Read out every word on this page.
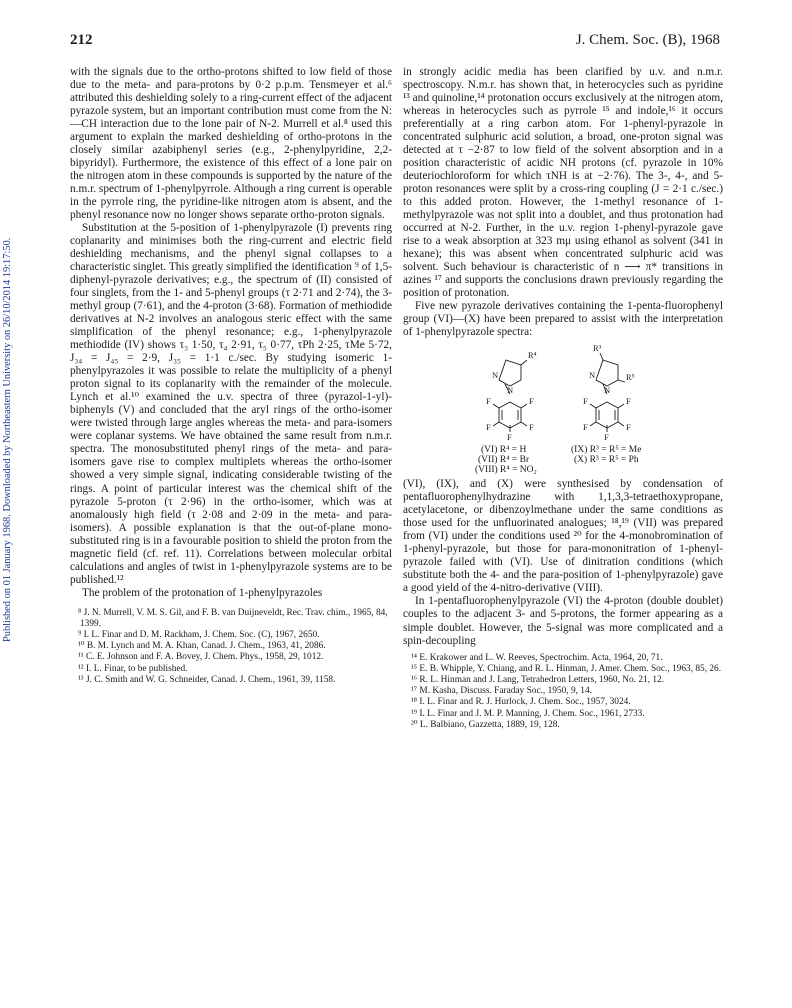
212	J. Chem. Soc. (B), 1968
Published on 01 January 1968. Downloaded by Northeastern University on 26/10/2014 19:17:50.

with the signals due to the ortho-protons shifted to low field of those due to the meta- and para-protons by 0·2 p.p.m. Tensmeyer et al.⁶ attributed this deshielding solely to a ring-current effect of the adjacent pyrazole system, but an important contribution must come from the N:—CH interaction due to the lone pair of N-2. Murrell et al.⁸ used this argument to explain the marked deshielding of ortho-protons in the closely similar azabiphenyl series (e.g., 2-phenylpyridine, 2,2-bipyridyl). Furthermore, the existence of this effect of a lone pair on the nitrogen atom in these compounds is supported by the nature of the n.m.r. spectrum of 1-phenylpyrrole. Although a ring current is operable in the pyrrole ring, the pyridine-like nitrogen atom is absent, and the phenyl resonance now no longer shows separate ortho-proton signals.

Substitution at the 5-position of 1-phenylpyrazole (I) prevents ring coplanarity and minimises both the ring-current and electric field deshielding mechanisms, and the phenyl signal collapses to a characteristic singlet. This greatly simplified the identification ⁹ of 1,5-diphenyl-pyrazole derivatives; e.g., the spectrum of (II) consisted of four singlets, from the 1- and 5-phenyl groups (τ 2·71 and 2·74), the 3-methyl group (7·61), and the 4-proton (3·68). Formation of methiodide derivatives at N-2 involves an analogous steric effect with the same simplification of the phenyl resonance; e.g., 1-phenylpyrazole methiodide (IV) shows τ₃ 1·50, τ₄ 2·91, τ₅ 0·77, τPh 2·25, τMe 5·72, J₃₄ = J₄₅ = 2·9, J₃₅ = 1·1 c./sec. By studying isomeric 1-phenylpyrazoles it was possible to relate the multiplicity of a phenyl proton signal to its coplanarity with the remainder of the molecule. Lynch et al.¹⁰ examined the u.v. spectra of three (pyrazol-1-yl)-biphenyls (V) and concluded that the aryl rings of the ortho-isomer were twisted through large angles whereas the meta- and para-isomers were coplanar systems. We have obtained the same result from n.m.r. spectra. The monosubstituted phenyl rings of the meta- and para-isomers gave rise to complex multiplets whereas the ortho-isomer showed a very simple signal, indicating considerable twisting of the rings. A point of particular interest was the chemical shift of the pyrazole 5-proton (τ 2·96) in the ortho-isomer, which was at anomalously high field (τ 2·08 and 2·09 in the meta- and para-isomers). A possible explanation is that the out-of-plane mono-substituted ring is in a favourable position to shield the proton from the magnetic field (cf. ref. 11). Correlations between molecular orbital calculations and angles of twist in 1-phenylpyrazole systems are to be published.¹²

The problem of the protonation of 1-phenylpyrazoles

⁸ J. N. Murrell, V. M. S. Gil, and F. B. van Duijneveldt, Rec. Trav. chim., 1965, 84, 1399.

⁹ I. L. Finar and D. M. Rackham, J. Chem. Soc. (C), 1967, 2650.

¹⁰ B. M. Lynch and M. A. Khan, Canad. J. Chem., 1963, 41, 2086.

¹¹ C. E. Johnson and F. A. Bovey, J. Chem. Phys., 1958, 29, 1012.

¹² I. L. Finar, to be published.

¹³ J. C. Smith and W. G. Schneider, Canad. J. Chem., 1961, 39, 1158.

in strongly acidic media has been clarified by u.v. and n.m.r. spectroscopy. N.m.r. has shown that, in heterocycles such as pyridine ¹³ and quinoline,¹⁴ protonation occurs exclusively at the nitrogen atom, whereas in heterocycles such as pyrrole ¹⁵ and indole,¹⁶ it occurs preferentially at a ring carbon atom. For 1-phenyl-pyrazole in concentrated sulphuric acid solution, a broad, one-proton signal was detected at τ −2·87 to low field of the solvent absorption and in a position characteristic of acidic NH protons (cf. pyrazole in 10% deuteriochloroform for which τNH is at −2·76). The 3-, 4-, and 5-proton resonances were split by a cross-ring coupling (J = 2·1 c./sec.) to this added proton. However, the 1-methyl resonance of 1-methylpyrazole was not split into a doublet, and thus protonation had occurred at N-2. Further, in the u.v. region 1-phenyl-pyrazole gave rise to a weak absorption at 323 mμ using ethanol as solvent (341 in hexane); this was absent when concentrated sulphuric acid was solvent. Such behaviour is characteristic of n ⟶ π* transitions in azines ¹⁷ and supports the conclusions drawn previously regarding the position of protonation.

Five new pyrazole derivatives containing the 1-penta-fluorophenyl group (VI)—(X) have been prepared to assist with the interpretation of 1-phenylpyrazole spectra:

R⁴
N
N
F	F
F	F
F
R³
R⁵
N
N
F	F
F	F
F
(VI) R⁴ = H
(VII) R⁴ = Br
(VIII) R⁴ = NO₂
(IX) R³ = R⁵ = Me
(X) R³ = R⁵ = Ph

(VI), (IX), and (X) were synthesised by condensation of pentafluorophenylhydrazine with 1,1,3,3-tetraethoxypropane, acetylacetone, or dibenzoylmethane under the same conditions as those used for the unfluorinated analogues; ¹⁸,¹⁹ (VII) was prepared from (VI) under the conditions used ²⁰ for the 4-monobromination of 1-phenyl-pyrazole, but those for para-mononitration of 1-phenyl-pyrazole failed with (VI). Use of dinitration conditions (which substitute both the 4- and the para-position of 1-phenylpyrazole) gave a good yield of the 4-nitro-derivative (VIII).

In 1-pentafluorophenylpyrazole (VI) the 4-proton (double doublet) couples to the adjacent 3- and 5-protons, the former appearing as a simple doublet. However, the 5-signal was more complicated and a spin-decoupling

¹⁴ E. Krakower and L. W. Reeves, Spectrochim. Acta, 1964, 20, 71.

¹⁵ E. B. Whipple, Y. Chiang, and R. L. Hinman, J. Amer. Chem. Soc., 1963, 85, 26.

¹⁶ R. L. Hinman and J. Lang, Tetrahedron Letters, 1960, No. 21, 12.

¹⁷ M. Kasha, Discuss. Faraday Soc., 1950, 9, 14.

¹⁸ I. L. Finar and R. J. Hurlock, J. Chem. Soc., 1957, 3024.

¹⁹ I. L. Finar and J. M. P. Manning, J. Chem. Soc., 1961, 2733.

²⁰ L. Balbiano, Gazzetta, 1889, 19, 128.
